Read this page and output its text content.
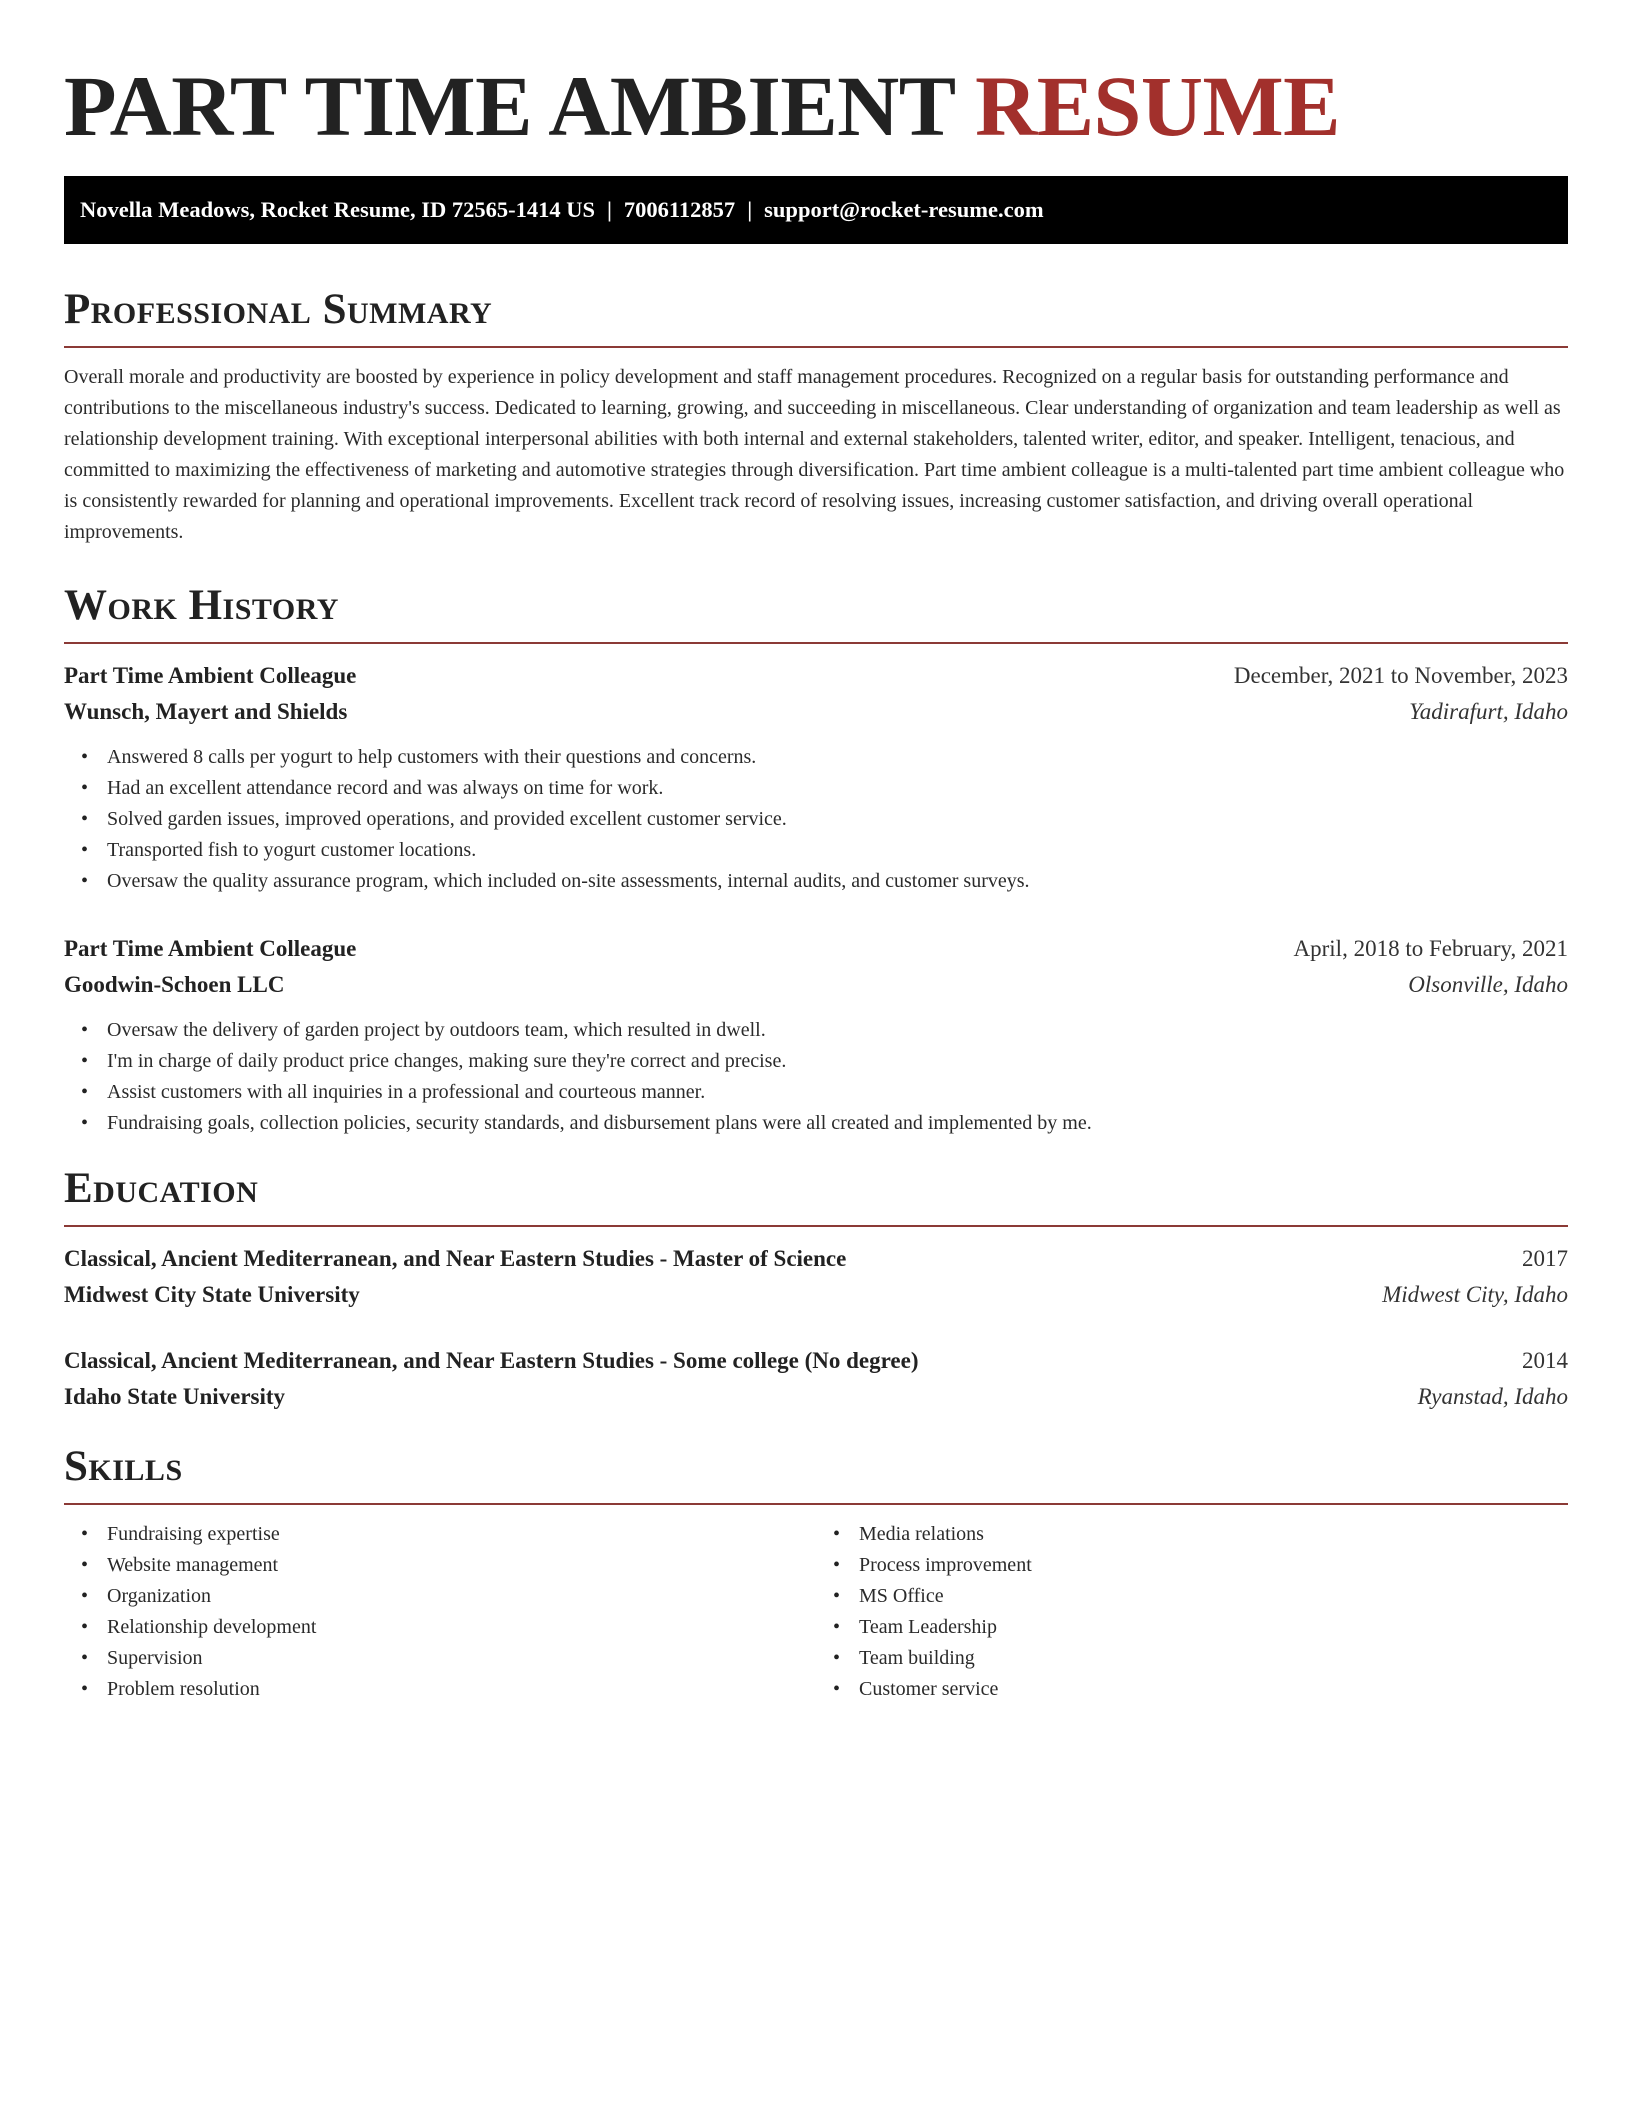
PART TIME AMBIENT RESUME
Novella Meadows, Rocket Resume, ID 72565-1414 US | 7006112857 | support@rocket-resume.com
Professional Summary

Overall morale and productivity are boosted by experience in policy development and staff management procedures. Recognized on a regular basis for outstanding performance and contributions to the miscellaneous industry's success. Dedicated to learning, growing, and succeeding in miscellaneous. Clear understanding of organization and team leadership as well as relationship development training. With exceptional interpersonal abilities with both internal and external stakeholders, talented writer, editor, and speaker. Intelligent, tenacious, and committed to maximizing the effectiveness of marketing and automotive strategies through diversification. Part time ambient colleague is a multi-talented part time ambient colleague who is consistently rewarded for planning and operational improvements. Excellent track record of resolving issues, increasing customer satisfaction, and driving overall operational improvements.

Work History
Part Time Ambient Colleague	December, 2021 to November, 2023
Wunsch, Mayert and Shields	Yadirafurt, Idaho
• Answered 8 calls per yogurt to help customers with their questions and concerns.
• Had an excellent attendance record and was always on time for work.
• Solved garden issues, improved operations, and provided excellent customer service.
• Transported fish to yogurt customer locations.
• Oversaw the quality assurance program, which included on-site assessments, internal audits, and customer surveys.
Part Time Ambient Colleague	April, 2018 to February, 2021
Goodwin-Schoen LLC	Olsonville, Idaho
• Oversaw the delivery of garden project by outdoors team, which resulted in dwell.
• I'm in charge of daily product price changes, making sure they're correct and precise.
• Assist customers with all inquiries in a professional and courteous manner.
• Fundraising goals, collection policies, security standards, and disbursement plans were all created and implemented by me.
Education
Classical, Ancient Mediterranean, and Near Eastern Studies - Master of Science	2017
Midwest City State University	Midwest City, Idaho
Classical, Ancient Mediterranean, and Near Eastern Studies - Some college (No degree)	2014
Idaho State University	Ryanstad, Idaho
Skills
• Fundraising expertise
• Website management
• Organization
• Relationship development
• Supervision
• Problem resolution
• Media relations
• Process improvement
• MS Office
• Team Leadership
• Team building
• Customer service
